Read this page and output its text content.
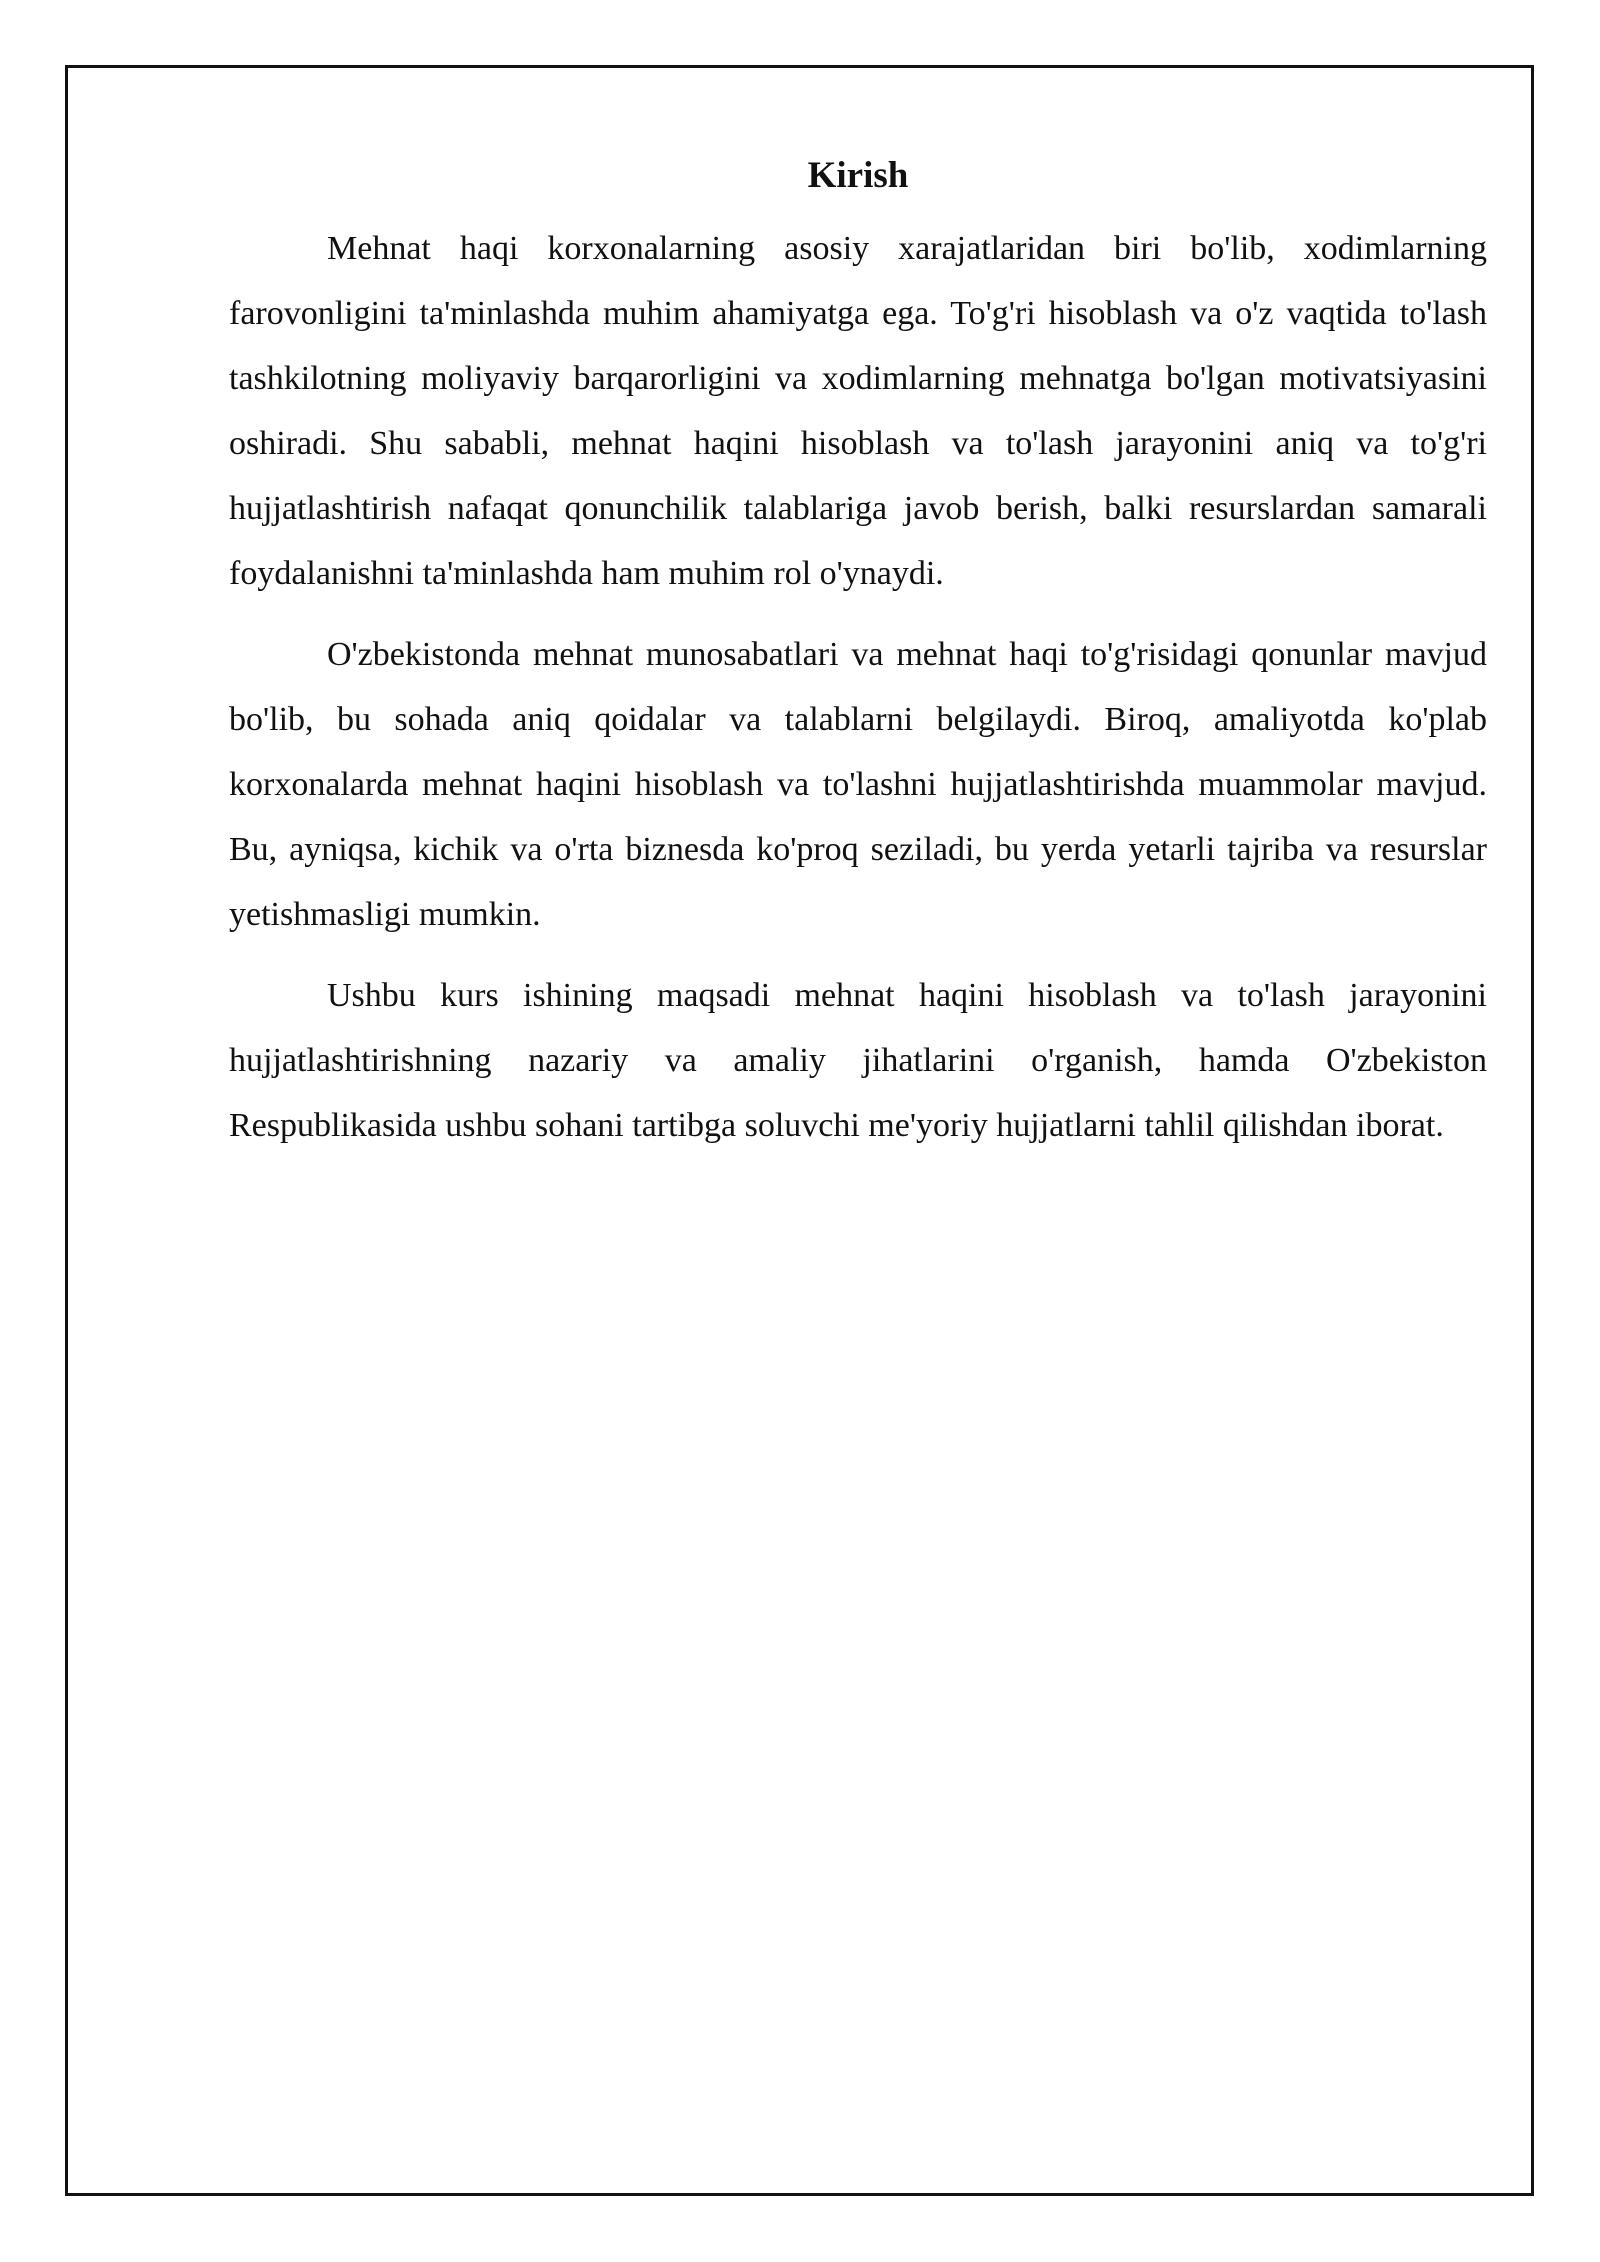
Kirish

Mehnat haqi korxonalarning asosiy xarajatlaridan biri bo'lib, xodimlarning farovonligini ta'minlashda muhim ahamiyatga ega. To'g'ri hisoblash va o'z vaqtida to'lash tashkilotning moliyaviy barqarorligini va xodimlarning mehnatga bo'lgan motivatsiyasini oshiradi. Shu sababli, mehnat haqini hisoblash va to'lash jarayonini aniq va to'g'ri hujjatlashtirish nafaqat qonunchilik talablariga javob berish, balki resurslardan samarali foydalanishni ta'minlashda ham muhim rol o'ynaydi.

O'zbekistonda mehnat munosabatlari va mehnat haqi to'g'risidagi qonunlar mavjud bo'lib, bu sohada aniq qoidalar va talablarni belgilaydi. Biroq, amaliyotda ko'plab korxonalarda mehnat haqini hisoblash va to'lashni hujjatlashtirishda muammolar mavjud. Bu, ayniqsa, kichik va o'rta biznesda ko'proq seziladi, bu yerda yetarli tajriba va resurslar yetishmasligi mumkin.

Ushbu kurs ishining maqsadi mehnat haqini hisoblash va to'lash jarayonini hujjatlashtirishning nazariy va amaliy jihatlarini o'rganish, hamda O'zbekiston Respublikasida ushbu sohani tartibga soluvchi me'yoriy hujjatlarni tahlil qilishdan iborat.
